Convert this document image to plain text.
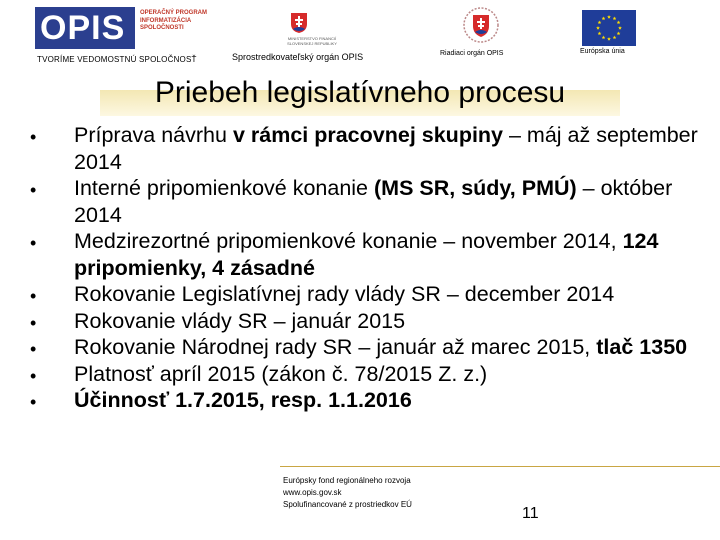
OPIS OPERAČNÝ PROGRAM INFORMATIZÁCIA SPOLOČNOSTI
TVORÍME VEDOMOSTNÚ SPOLOČNOSŤ
MINISTERSTVO FINANCIÍ SLOVENSKEJ REPUBLIKY
Sprostredkovateľský orgán OPIS	Riadiaci orgán OPIS	Európska únia
Priebeh legislatívneho procesu
•	Príprava návrhu v rámci pracovnej skupiny – máj až september 2014
•	Interné pripomienkové konanie (MS SR, súdy, PMÚ) – október 2014
•	Medzirezortné pripomienkové konanie – november 2014, 124 pripomienky, 4 zásadné
•	Rokovanie Legislatívnej rady vlády SR – december 2014
•	Rokovanie vlády SR – január 2015
•	Rokovanie Národnej rady SR – január až marec 2015, tlač 1350
•	Platnosť apríl 2015 (zákon č. 78/2015 Z. z.)
•	Účinnosť 1.7.2015, resp. 1.1.2016
Európsky fond regionálneho rozvoja
www.opis.gov.sk
Spolufinancované z prostriedkov EÚ
11
